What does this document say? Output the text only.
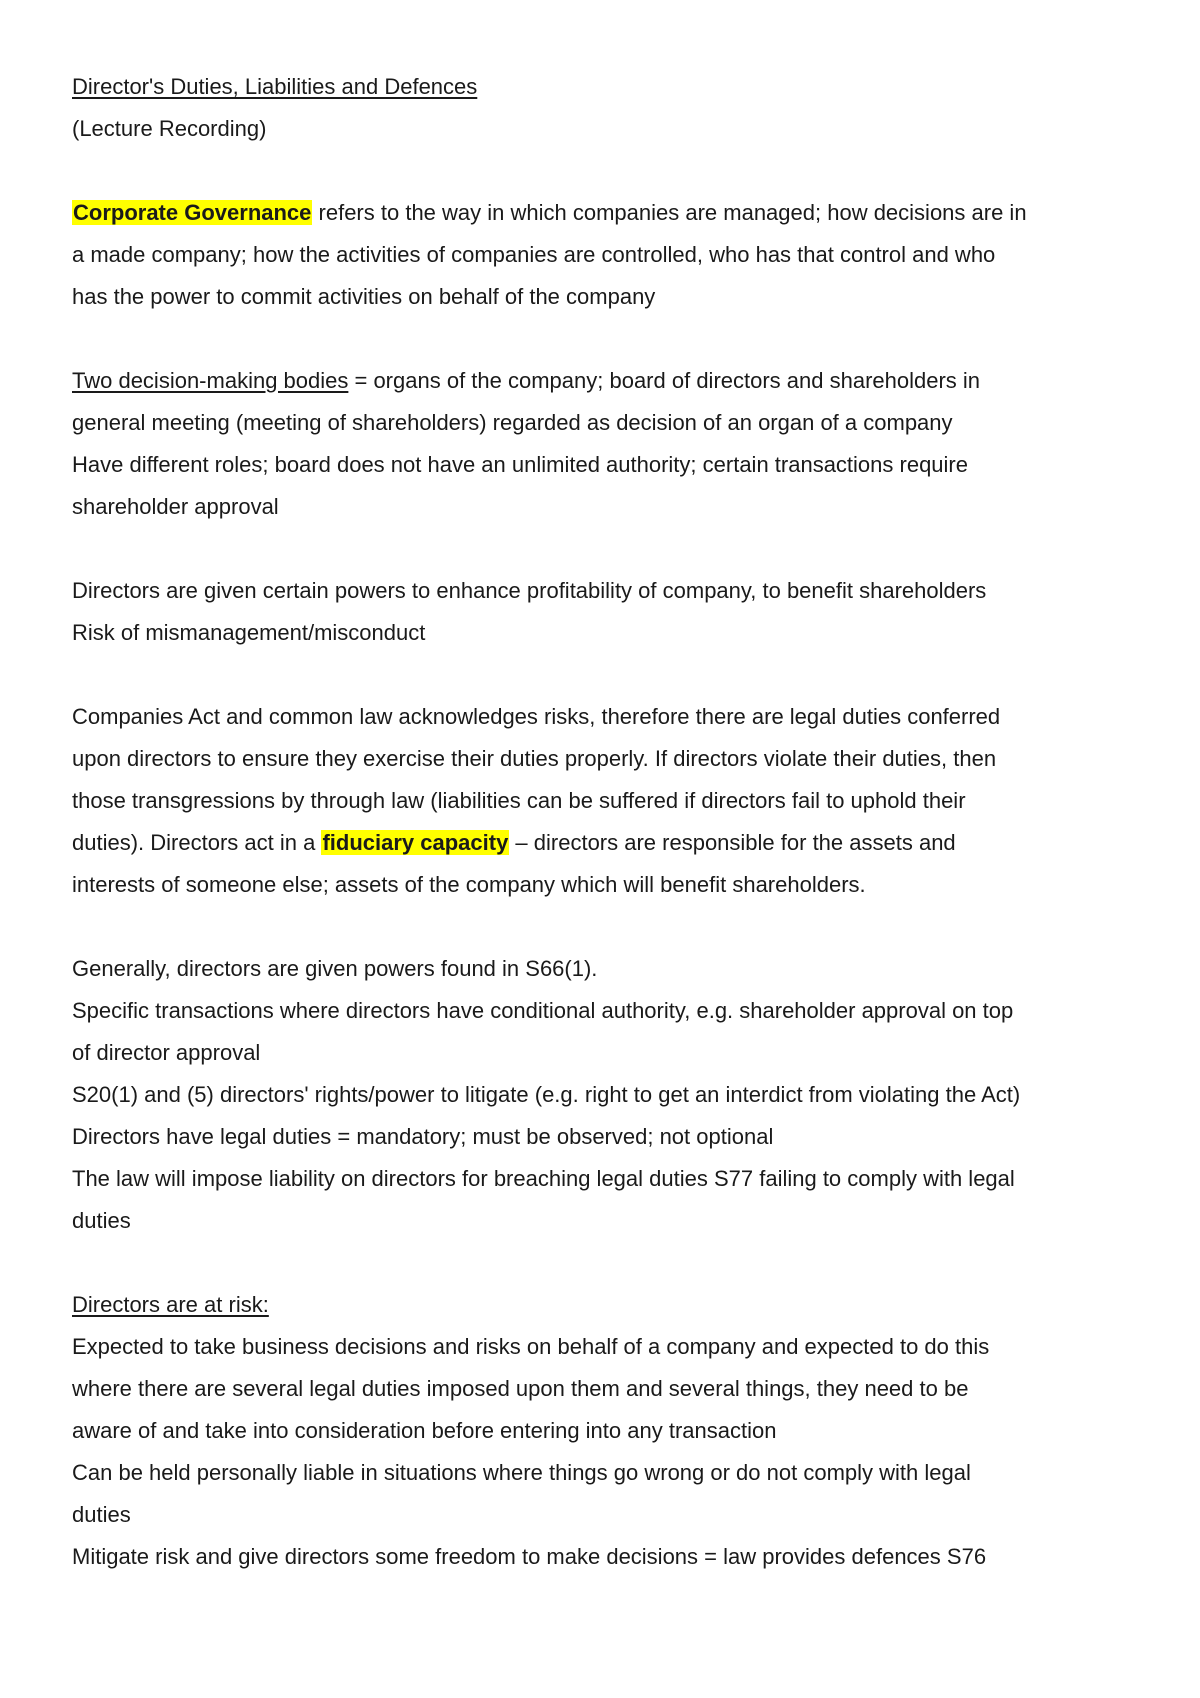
Director's Duties, Liabilities and Defences
(Lecture Recording)
Corporate Governance refers to the way in which companies are managed; how decisions are in
a made company; how the activities of companies are controlled, who has that control and who
has the power to commit activities on behalf of the company
Two decision-making bodies = organs of the company; board of directors and shareholders in
general meeting (meeting of shareholders) regarded as decision of an organ of a company
Have different roles; board does not have an unlimited authority; certain transactions require
shareholder approval
Directors are given certain powers to enhance profitability of company, to benefit shareholders
Risk of mismanagement/misconduct
Companies Act and common law acknowledges risks, therefore there are legal duties conferred
upon directors to ensure they exercise their duties properly. If directors violate their duties, then
those transgressions by through law (liabilities can be suffered if directors fail to uphold their
duties). Directors act in a fiduciary capacity – directors are responsible for the assets and
interests of someone else; assets of the company which will benefit shareholders.
Generally, directors are given powers found in S66(1).
Specific transactions where directors have conditional authority, e.g. shareholder approval on top
of director approval
S20(1) and (5) directors' rights/power to litigate (e.g. right to get an interdict from violating the Act)
Directors have legal duties = mandatory; must be observed; not optional
The law will impose liability on directors for breaching legal duties S77 failing to comply with legal
duties
Directors are at risk:
Expected to take business decisions and risks on behalf of a company and expected to do this
where there are several legal duties imposed upon them and several things, they need to be
aware of and take into consideration before entering into any transaction
Can be held personally liable in situations where things go wrong or do not comply with legal
duties
Mitigate risk and give directors some freedom to make decisions = law provides defences S76
